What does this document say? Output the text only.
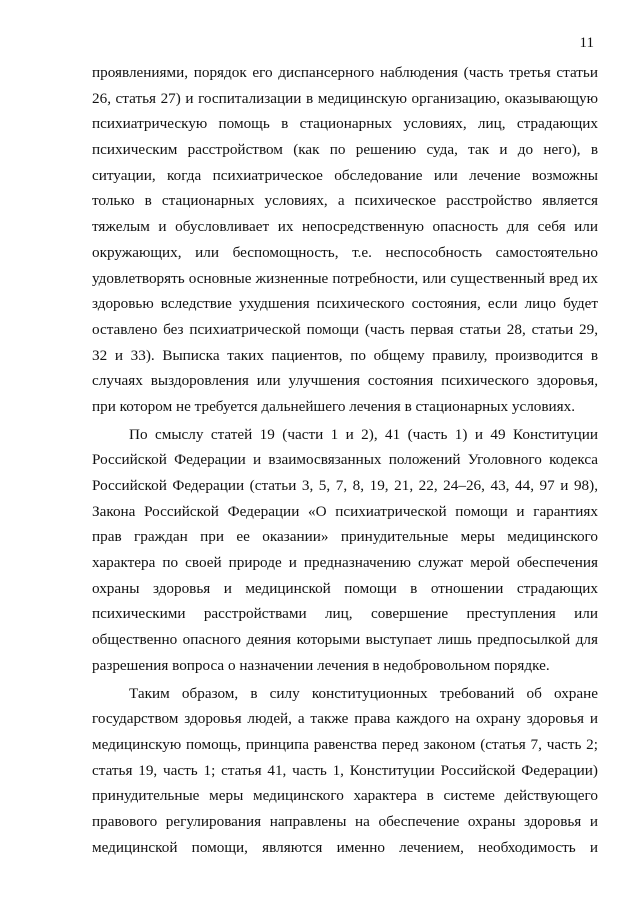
11
проявлениями, порядок его диспансерного наблюдения (часть третья статьи
26, статья 27) и госпитализации в медицинскую организацию, оказывающую
психиатрическую помощь в стационарных условиях, лиц, страдающих
психическим расстройством (как по решению суда, так и до него), в
ситуации, когда психиатрическое обследование или лечение возможны
только в стационарных условиях, а психическое расстройство является
тяжелым и обусловливает их непосредственную опасность для себя или
окружающих, или беспомощность, т.е. неспособность самостоятельно
удовлетворять основные жизненные потребности, или существенный вред их
здоровью вследствие ухудшения психического состояния, если лицо будет
оставлено без психиатрической помощи (часть первая статьи 28, статьи 29,
32 и 33). Выписка таких пациентов, по общему правилу, производится в
случаях выздоровления или улучшения состояния психического здоровья,
при котором не требуется дальнейшего лечения в стационарных условиях.
По смыслу статей 19 (части 1 и 2), 41 (часть 1) и 49 Конституции
Российской Федерации и взаимосвязанных положений Уголовного кодекса
Российской Федерации (статьи 3, 5, 7, 8, 19, 21, 22, 24–26, 43, 44, 97 и 98),
Закона Российской Федерации «О психиатрической помощи и гарантиях
прав граждан при ее оказании» принудительные меры медицинского
характера по своей природе и предназначению служат мерой обеспечения
охраны здоровья и медицинской помощи в отношении страдающих
психическими расстройствами лиц, совершение преступления или
общественно опасного деяния которыми выступает лишь предпосылкой для
разрешения вопроса о назначении лечения в недобровольном порядке.
Таким образом, в силу конституционных требований об охране
государством здоровья людей, а также права каждого на охрану здоровья и
медицинскую помощь, принципа равенства перед законом (статья 7, часть 2;
статья 19, часть 1; статья 41, часть 1, Конституции Российской Федерации)
принудительные меры медицинского характера в системе действующего
правового регулирования направлены на обеспечение охраны здоровья и
медицинской помощи, являются именно лечением, необходимость и
